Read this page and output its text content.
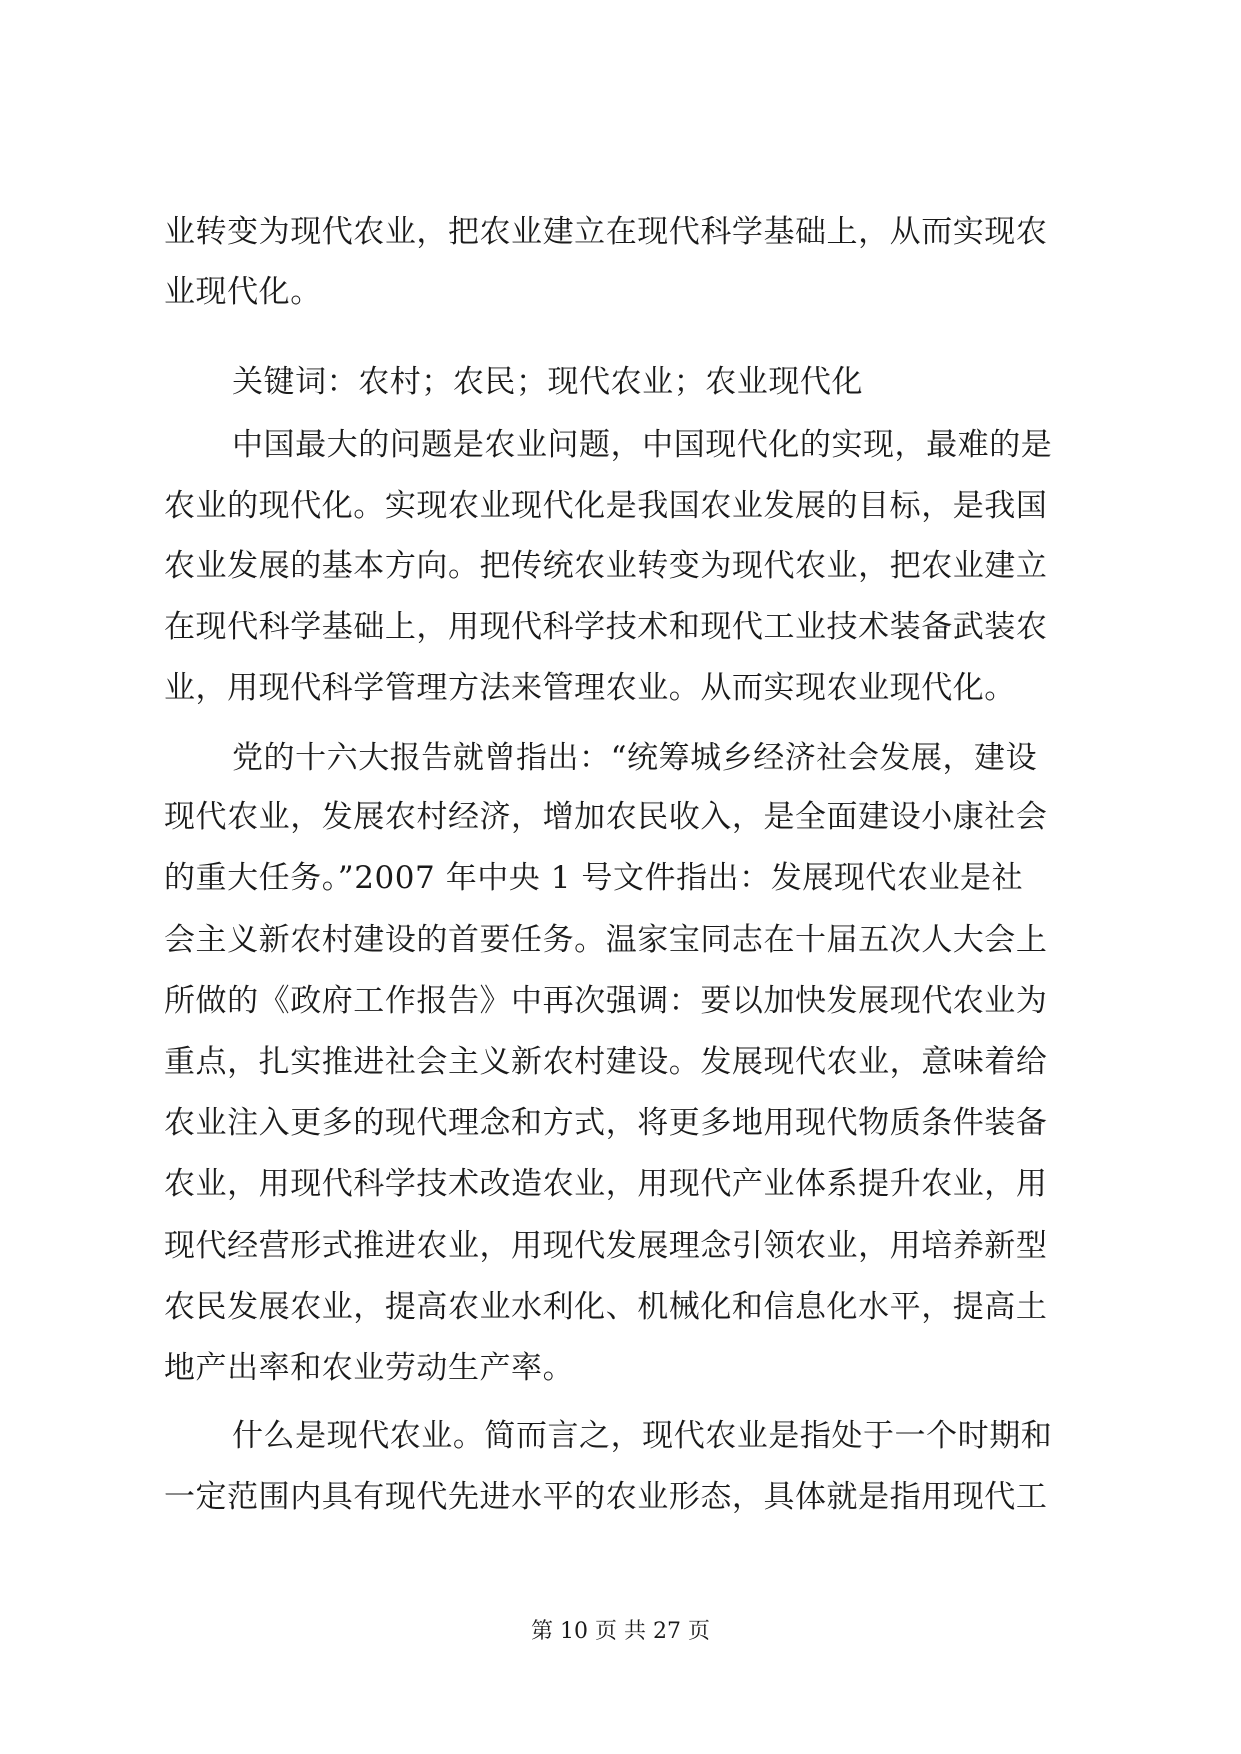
业转变为现代农业，把农业建立在现代科学基础上，从而实现农
业现代化。
关键词：农村；农民；现代农业；农业现代化
中国最大的问题是农业问题，中国现代化的实现，最难的是
农业的现代化。实现农业现代化是我国农业发展的目标，是我国
农业发展的基本方向。把传统农业转变为现代农业，把农业建立
在现代科学基础上，用现代科学技术和现代工业技术装备武装农
业，用现代科学管理方法来管理农业。从而实现农业现代化。
党的十六大报告就曾指出：“统筹城乡经济社会发展，建设
现代农业，发展农村经济，增加农民收入，是全面建设小康社会
的重大任务。”2007 年中央 1 号文件指出：发展现代农业是社
会主义新农村建设的首要任务。温家宝同志在十届五次人大会上
所做的《政府工作报告》中再次强调：要以加快发展现代农业为
重点，扎实推进社会主义新农村建设。发展现代农业，意味着给
农业注入更多的现代理念和方式，将更多地用现代物质条件装备
农业，用现代科学技术改造农业，用现代产业体系提升农业，用
现代经营形式推进农业，用现代发展理念引领农业，用培养新型
农民发展农业，提高农业水利化、机械化和信息化水平，提高土
地产出率和农业劳动生产率。
什么是现代农业。简而言之，现代农业是指处于一个时期和
一定范围内具有现代先进水平的农业形态，具体就是指用现代工
第 10 页 共 27 页
